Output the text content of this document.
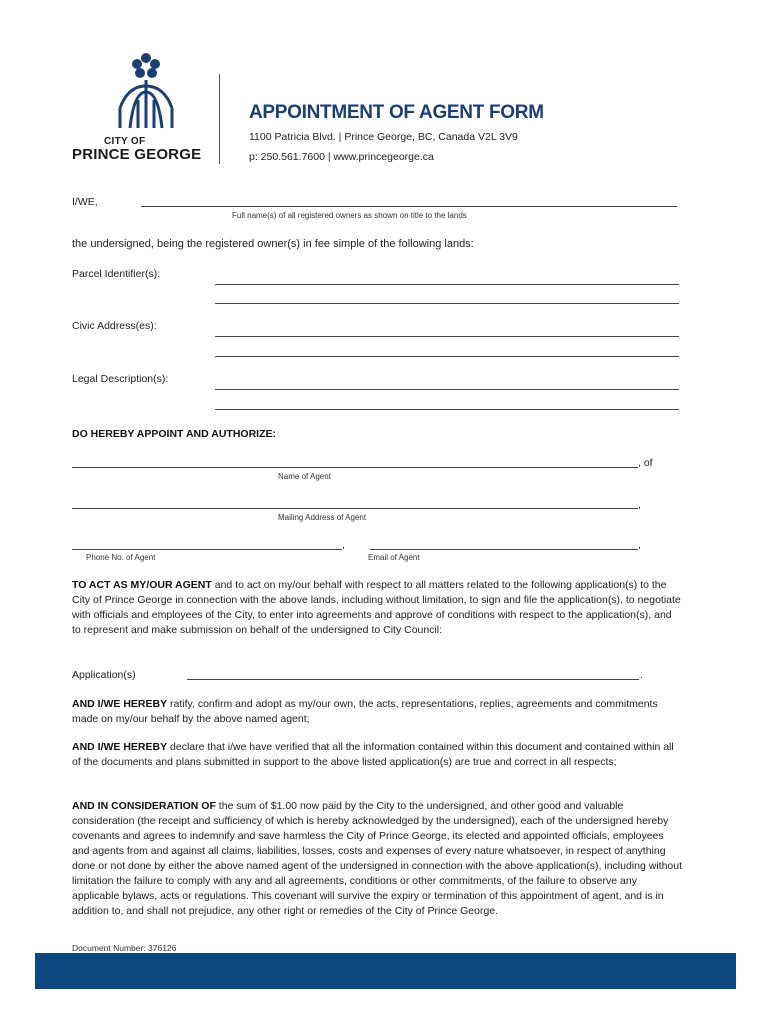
CITY OF
PRINCE GEORGE
APPOINTMENT OF AGENT FORM
1100 Patricia Blvd. | Prince George, BC, Canada V2L 3V9
p: 250.561.7600 | www.princegeorge.ca
I/WE,
Full name(s) of all registered owners as shown on title to the lands
the undersigned, being the registered owner(s) in fee simple of the following lands:
Parcel Identifier(s):
Civic Address(es):
Legal Description(s):
DO HEREBY APPOINT AND AUTHORIZE:
, of
Name of Agent
,
Mailing Address of Agent
,	,
Phone No. of Agent	Email of Agent
TO ACT AS MY/OUR AGENT and to act on my/our behalf with respect to all matters related to the following application(s) to the City of Prince George in connection with the above lands, including without limitation, to sign and file the application(s), to negotiate with officials and employees of the City, to enter into agreements and approve of conditions with respect to the application(s), and to represent and make submission on behalf of the undersigned to City Council:
Application(s)	.
AND I/WE HEREBY ratify, confirm and adopt as my/our own, the acts, representations, replies, agreements and commitments made on my/our behalf by the above named agent;
AND I/WE HEREBY declare that i/we have verified that all the information contained within this document and contained within all of the documents and plans submitted in support to the above listed application(s) are true and correct in all respects;
AND IN CONSIDERATION OF the sum of $1.00 now paid by the City to the undersigned, and other good and valuable consideration (the receipt and sufficiency of which is hereby acknowledged by the undersigned), each of the undersigned hereby covenants and agrees to indemnify and save harmless the City of Prince George, its elected and appointed officials, employees and agents from and against all claims, liabilities, losses, costs and expenses of every nature whatsoever, in respect of anything done or not done by either the above named agent of the undersigned in connection with the above application(s), including without limitation the failure to comply with any and all agreements, conditions or other commitments, of the failure to observe any applicable bylaws, acts or regulations. This covenant will survive the expiry or termination of this appointment of agent, and is in addition to, and shall not prejudice, any other right or remedies of the City of Prince George.
Document Number: 376126
